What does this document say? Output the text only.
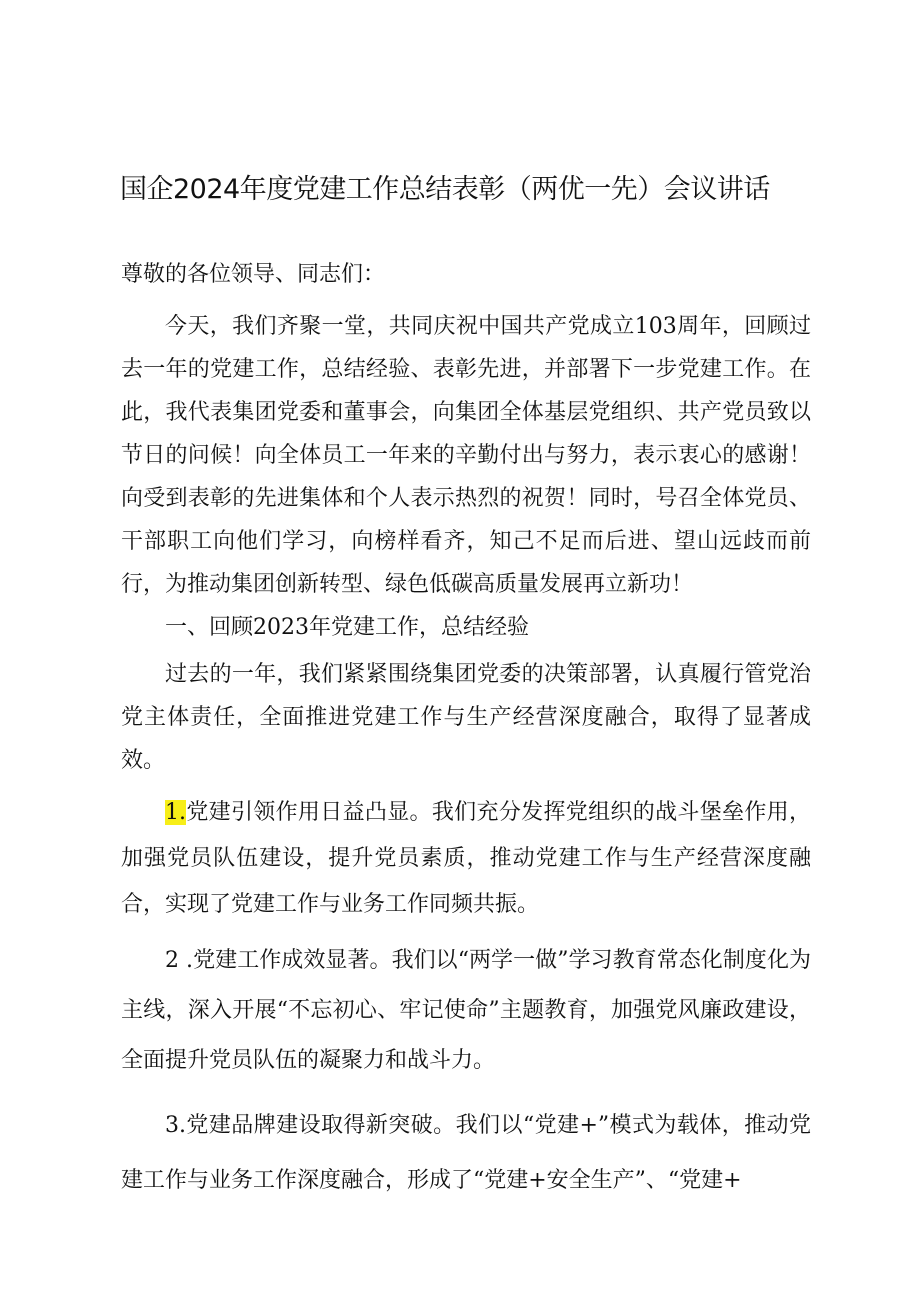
国企2024年度党建工作总结表彰（两优一先）会议讲话

尊敬的各位领导、同志们：

今天，我们齐聚一堂，共同庆祝中国共产党成立103周年，回顾过去一年的党建工作，总结经验、表彰先进，并部署下一步党建工作。在此，我代表集团党委和董事会，向集团全体基层党组织、共产党员致以节日的问候！向全体员工一年来的辛勤付出与努力，表示衷心的感谢！向受到表彰的先进集体和个人表示热烈的祝贺！同时，号召全体党员、干部职工向他们学习，向榜样看齐，知己不足而后进、望山远歧而前行，为推动集团创新转型、绿色低碳高质量发展再立新功！

一、回顾2023年党建工作，总结经验

过去的一年，我们紧紧围绕集团党委的决策部署，认真履行管党治党主体责任，全面推进党建工作与生产经营深度融合，取得了显著成效。

1.党建引领作用日益凸显。我们充分发挥党组织的战斗堡垒作用，加强党员队伍建设，提升党员素质，推动党建工作与生产经营深度融合，实现了党建工作与业务工作同频共振。

2 .党建工作成效显著。我们以“两学一做”学习教育常态化制度化为主线，深入开展“不忘初心、牢记使命”主题教育，加强党风廉政建设，全面提升党员队伍的凝聚力和战斗力。

3.党建品牌建设取得新突破。我们以“党建+”模式为载体，推动党建工作与业务工作深度融合，形成了“党建+安全生产”、“党建+
